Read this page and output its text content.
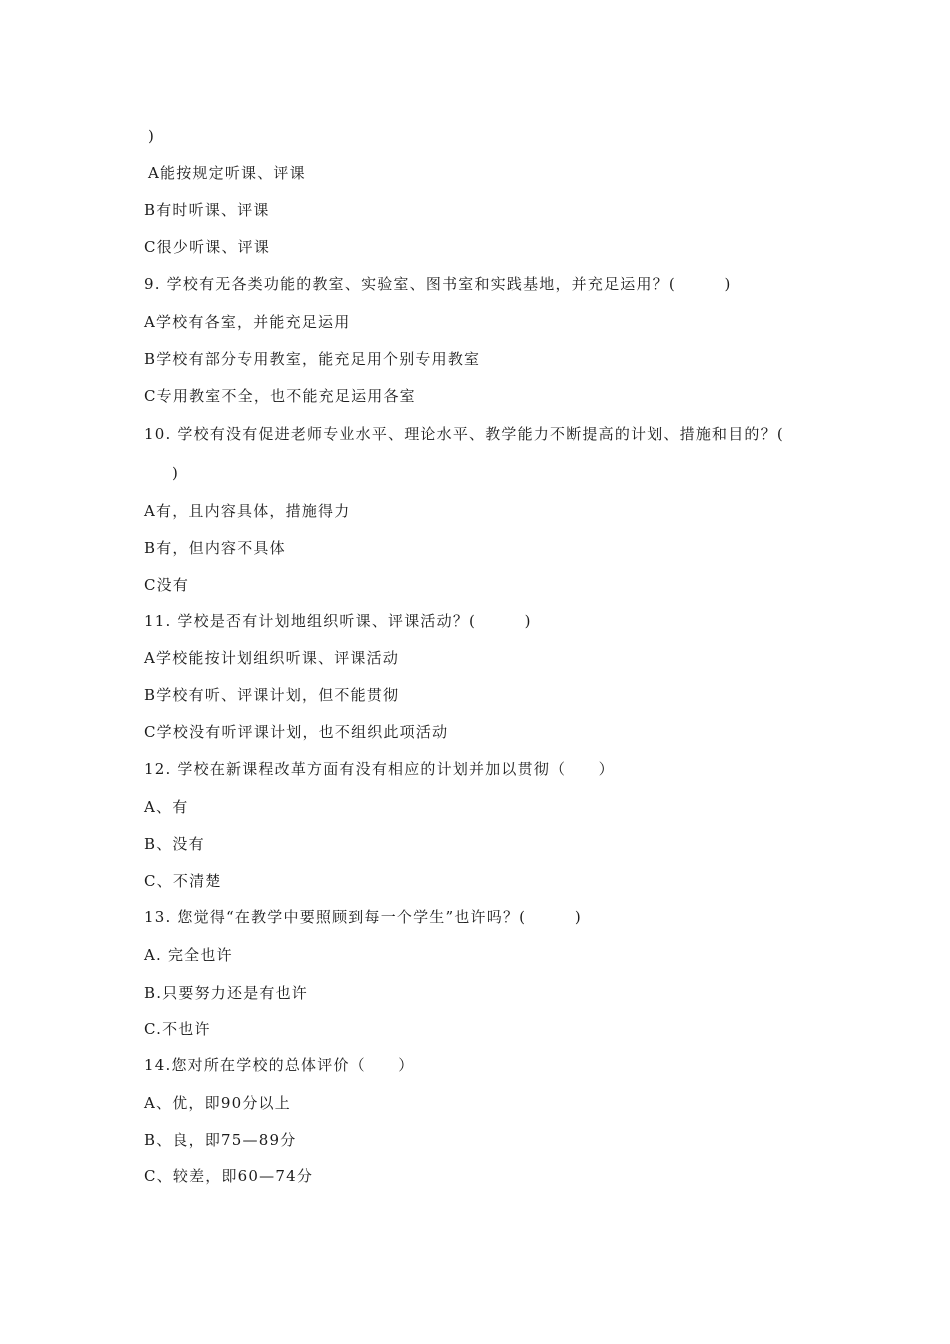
)
A能按规定听课、评课
B有时听课、评课
C很少听课、评课
9. 学校有无各类功能的教室、实验室、图书室和实践基地，并充足运用？(　　　)
A学校有各室，并能充足运用
B学校有部分专用教室，能充足用个别专用教室
C专用教室不全，也不能充足运用各室
10. 学校有没有促进老师专业水平、理论水平、教学能力不断提高的计划、措施和目的？(
)
A有，且内容具体，措施得力
B有，但内容不具体
C没有
11. 学校是否有计划地组织听课、评课活动？(　　　)
A学校能按计划组织听课、评课活动
B学校有听、评课计划，但不能贯彻
C学校没有听评课计划，也不组织此项活动
12. 学校在新课程改革方面有没有相应的计划并加以贯彻（　　）
A、有
B、没有
C、不清楚
13. 您觉得“在教学中要照顾到每一个学生”也许吗？(　　　)
A. 完全也许
B.只要努力还是有也许
C.不也许
14.您对所在学校的总体评价（　　）
A、优，即90分以上
B、良，即75—89分
C、较差，即60—74分
